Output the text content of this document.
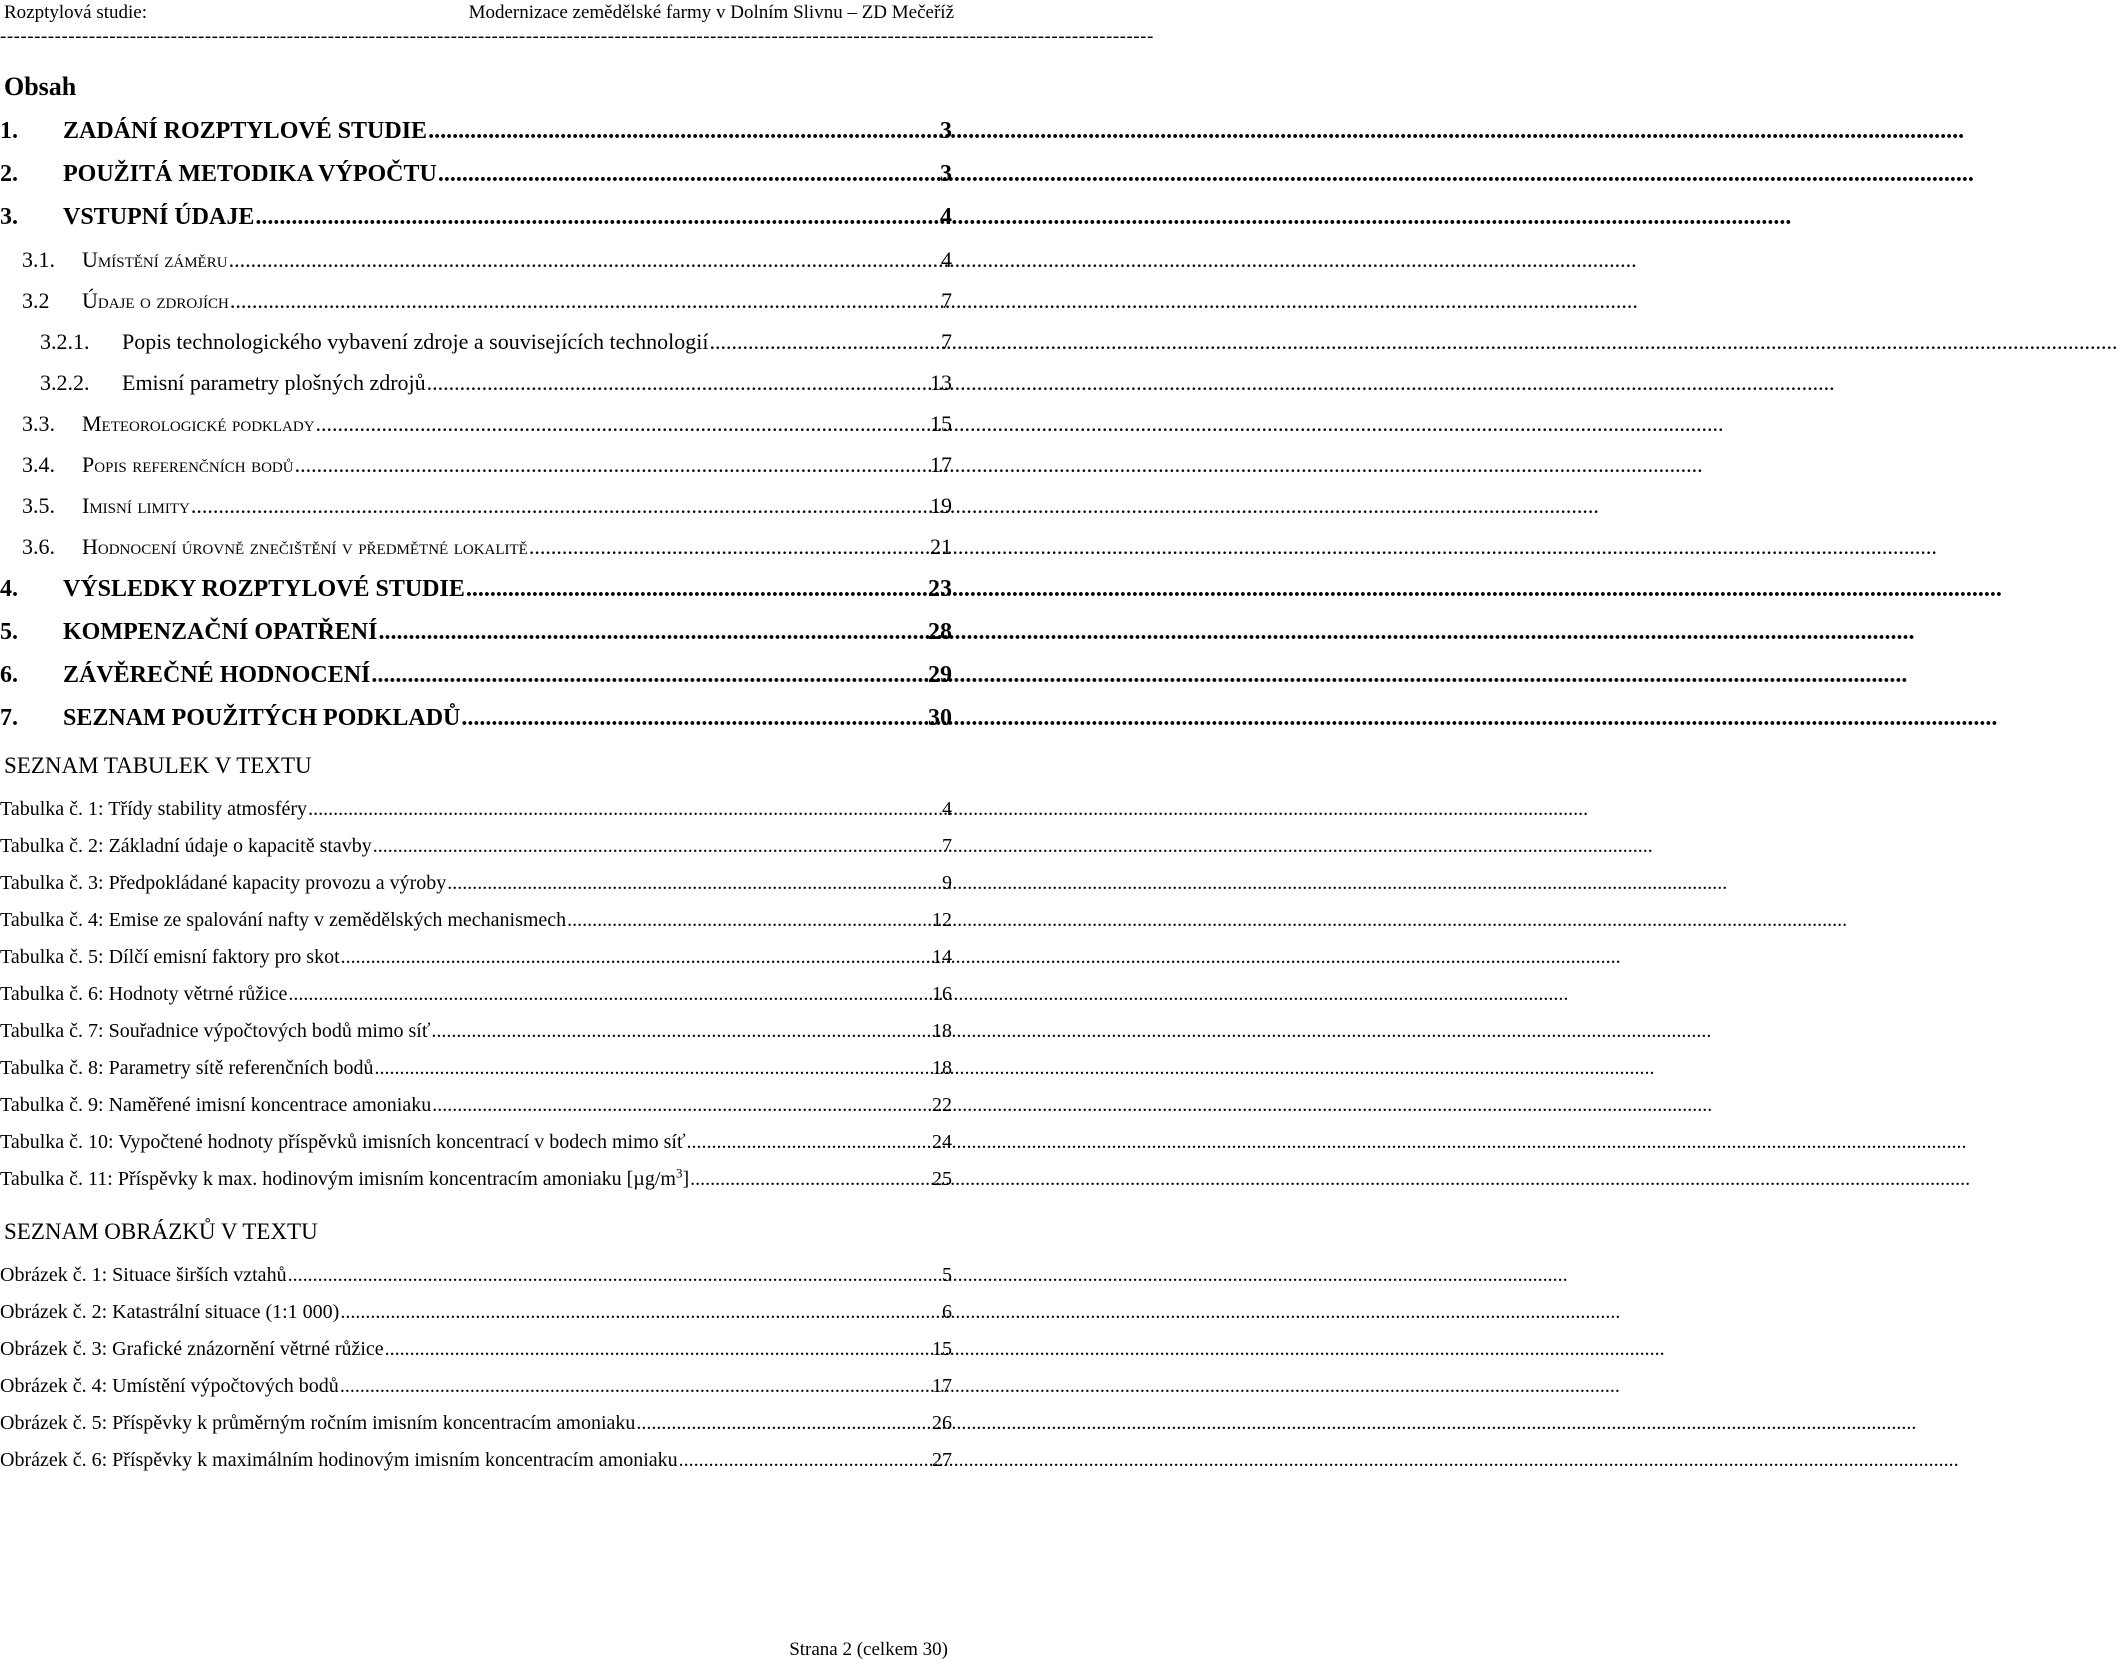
Rozptylová studie:	Modernizace zemědělské farmy v Dolním Slivnu – ZD Mečeříž
-------------------------------------------------------------------------------------------------------------------------------------------------------------------------
Obsah
1.	ZADÁNÍ ROZPTYLOVÉ STUDIE .....	3
2.	POUŽITÁ METODIKA VÝPOČTU .....	3
3.	VSTUPNÍ ÚDAJE .....	4
3.1.	Umístění záměru .....	4
3.2	Údaje o zdrojích .....	7
3.2.1.	Popis technologického vybavení zdroje a souvisejících technologií .....	7
3.2.2.	Emisní parametry plošných zdrojů .....	13
3.3.	Meteorologické podklady .....	15
3.4.	Popis referenčních bodů .....	17
3.5.	Imisní limity .....	19
3.6.	Hodnocení úrovně znečištění v předmětné lokalitě .....	21
4.	VÝSLEDKY ROZPTYLOVÉ STUDIE .....	23
5.	KOMPENZAČNÍ OPATŘENÍ .....	28
6.	ZÁVĚREČNÉ HODNOCENÍ .....	29
7.	SEZNAM POUŽITÝCH PODKLADŮ .....	30
SEZNAM TABULEK V TEXTU
Tabulka č. 1: Třídy stability atmosféry .....	4
Tabulka č. 2: Základní údaje o kapacitě stavby .....	7
Tabulka č. 3: Předpokládané kapacity provozu a výroby .....	9
Tabulka č. 4: Emise ze spalování nafty v zemědělských mechanismech .....	12
Tabulka č. 5: Dílčí emisní faktory pro skot .....	14
Tabulka č. 6: Hodnoty větrné růžice .....	16
Tabulka č. 7: Souřadnice výpočtových bodů mimo síť .....	18
Tabulka č. 8: Parametry sítě referenčních bodů .....	18
Tabulka č. 9: Naměřené imisní koncentrace amoniaku .....	22
Tabulka č. 10: Vypočtené hodnoty příspěvků imisních koncentrací v bodech mimo síť .....	24
Tabulka č. 11: Příspěvky k max. hodinovým imisním koncentracím amoniaku $[\mu g/m^3]$ .....	25
SEZNAM OBRÁZKŮ V TEXTU
Obrázek č. 1: Situace širších vztahů .....	5
Obrázek č. 2: Katastrální situace (1:1 000) .....	6
Obrázek č. 3: Grafické znázornění větrné růžice .....	15
Obrázek č. 4: Umístění výpočtových bodů .....	17
Obrázek č. 5: Příspěvky k průměrným ročním imisním koncentracím amoniaku .....	26
Obrázek č. 6: Příspěvky k maximálním hodinovým imisním koncentracím amoniaku .....	27
Strana 2 (celkem 30)
